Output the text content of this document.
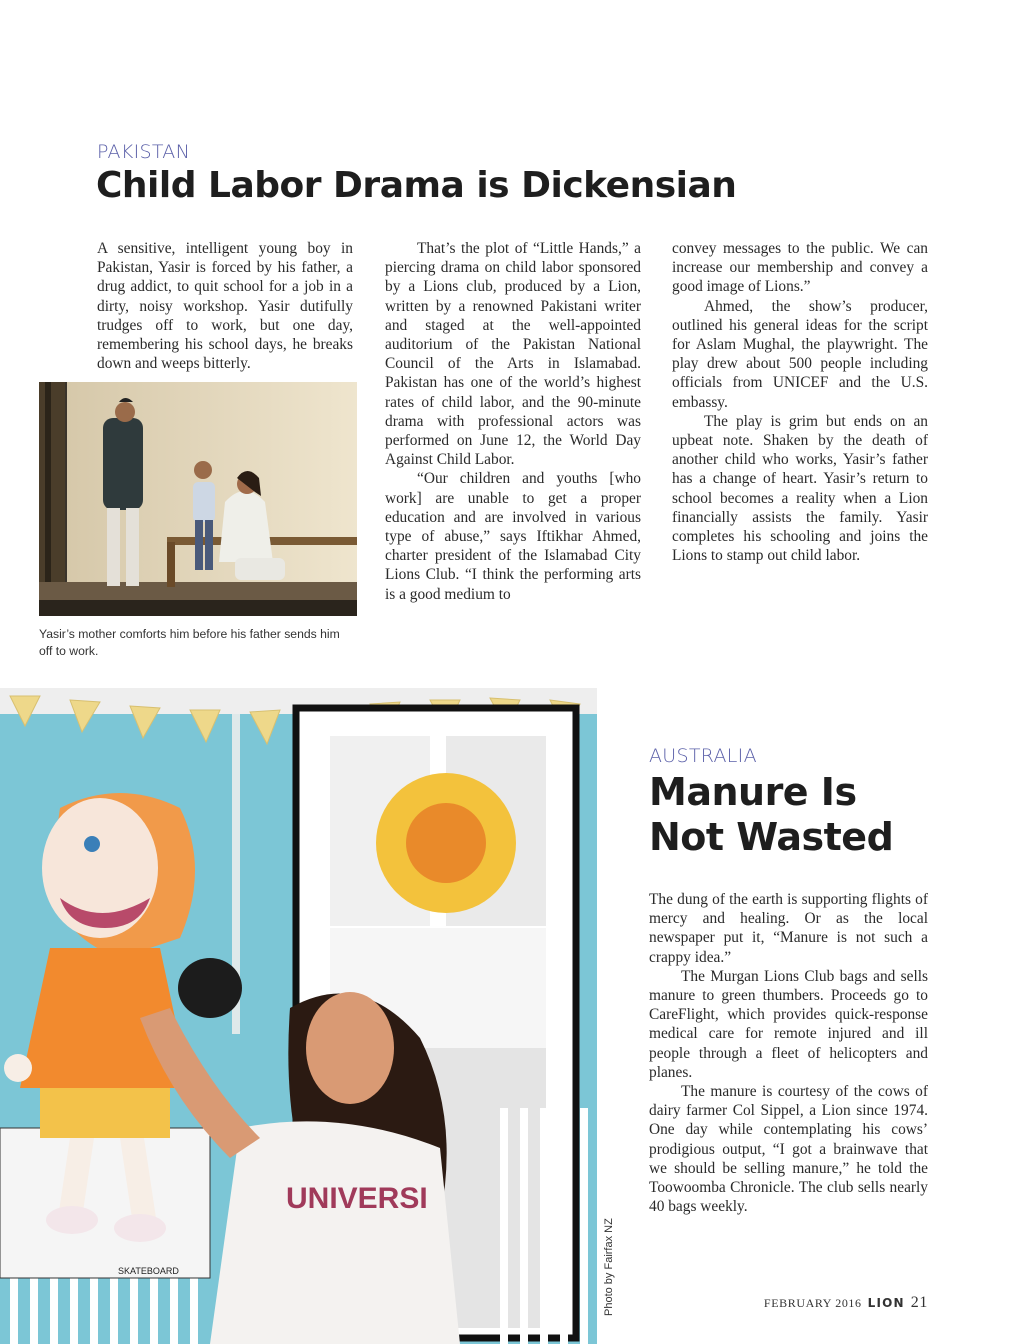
PAKISTAN
Child Labor Drama is Dickensian

A sensitive, intelligent young boy in Pakistan, Yasir is forced by his father, a drug addict, to quit school for a job in a dirty, noisy workshop. Yasir dutifully trudges off to work, but one day, remembering his school days, he breaks down and weeps bitterly.

Yasir’s mother comforts him before his father sends him off to work.

That’s the plot of “Little Hands,” a piercing drama on child labor sponsored by a Lions club, produced by a Lion, written by a renowned Pakistani writer and staged at the well-appointed auditorium of the Pakistan National Council of the Arts in Islamabad. Pakistan has one of the world’s highest rates of child labor, and the 90-minute drama with professional actors was performed on June 12, the World Day Against Child Labor.

“Our children and youths [who work] are unable to get a proper education and are involved in various type of abuse,” says Iftikhar Ahmed, charter president of the Islamabad City Lions Club. “I think the performing arts is a good medium to

convey messages to the public. We can increase our membership and convey a good image of Lions.”

Ahmed, the show’s producer, outlined his general ideas for the script for Aslam Mughal, the playwright. The play drew about 500 people including officials from UNICEF and the U.S. embassy.

The play is grim but ends on an upbeat note. Shaken by the death of another child who works, Yasir’s father has a change of heart. Yasir’s return to school becomes a reality when a Lion financially assists the family. Yasir completes his schooling and joins the Lions to stamp out child labor.

SKATEBOARD
UNIVERSI
Photo by Fairfax NZ
AUSTRALIA
Manure Is
Not Wasted

The dung of the earth is supporting flights of mercy and healing. Or as the local newspaper put it, “Manure is not such a crappy idea.”

The Murgan Lions Club bags and sells manure to green thumbers. Proceeds go to CareFlight, which provides quick-response medical care for remote injured and ill people through a fleet of helicopters and planes.

The manure is courtesy of the cows of dairy farmer Col Sippel, a Lion since 1974. One day while contemplating his cows’ prodigious output, “I got a brainwave that we should be selling manure,” he told the Toowoomba Chronicle. The club sells nearly 40 bags weekly.

FEBRUARY 2016 LION 21
